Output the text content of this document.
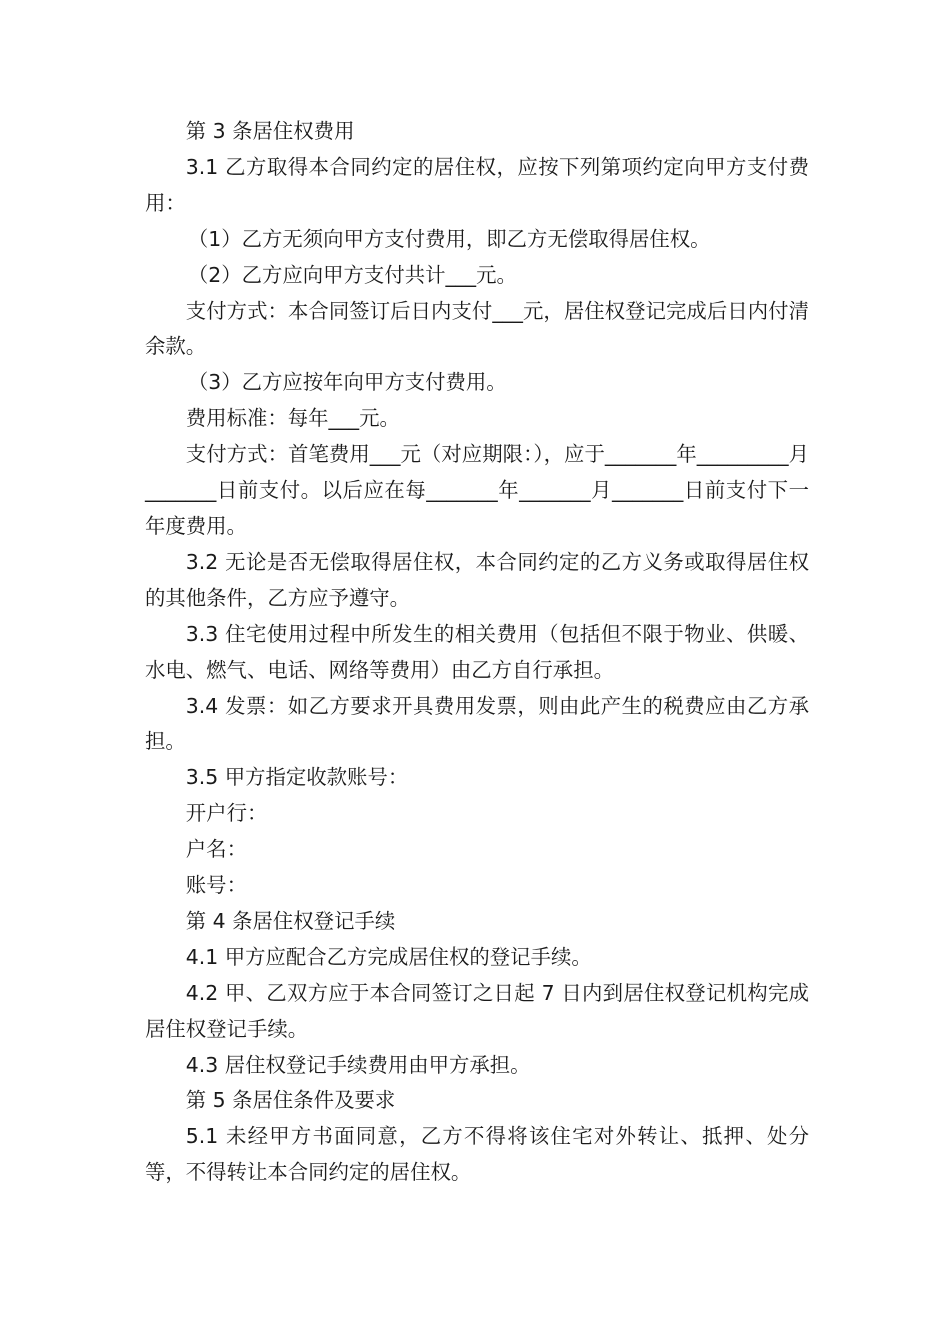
第 3 条居住权费用

3.1 乙方取得本合同约定的居住权，应按下列第项约定向甲方支付费用：

（1）乙方无须向甲方支付费用，即乙方无偿取得居住权。

（2）乙方应向甲方支付共计___元。

支付方式：本合同签订后日内支付___元，居住权登记完成后日内付清余款。

（3）乙方应按年向甲方支付费用。

费用标准：每年___元。

支付方式：首笔费用___元（对应期限：），应于_______年_________月_______日前支付。以后应在每_______年_______月_______日前支付下一年度费用。

3.2 无论是否无偿取得居住权，本合同约定的乙方义务或取得居住权的其他条件，乙方应予遵守。

3.3 住宅使用过程中所发生的相关费用（包括但不限于物业、供暖、水电、燃气、电话、网络等费用）由乙方自行承担。

3.4 发票：如乙方要求开具费用发票，则由此产生的税费应由乙方承担。

3.5 甲方指定收款账号：

开户行：

户名：

账号：

第 4 条居住权登记手续

4.1 甲方应配合乙方完成居住权的登记手续。

4.2 甲、乙双方应于本合同签订之日起 7 日内到居住权登记机构完成居住权登记手续。

4.3 居住权登记手续费用由甲方承担。

第 5 条居住条件及要求

5.1 未经甲方书面同意，乙方不得将该住宅对外转让、抵押、处分等，不得转让本合同约定的居住权。
